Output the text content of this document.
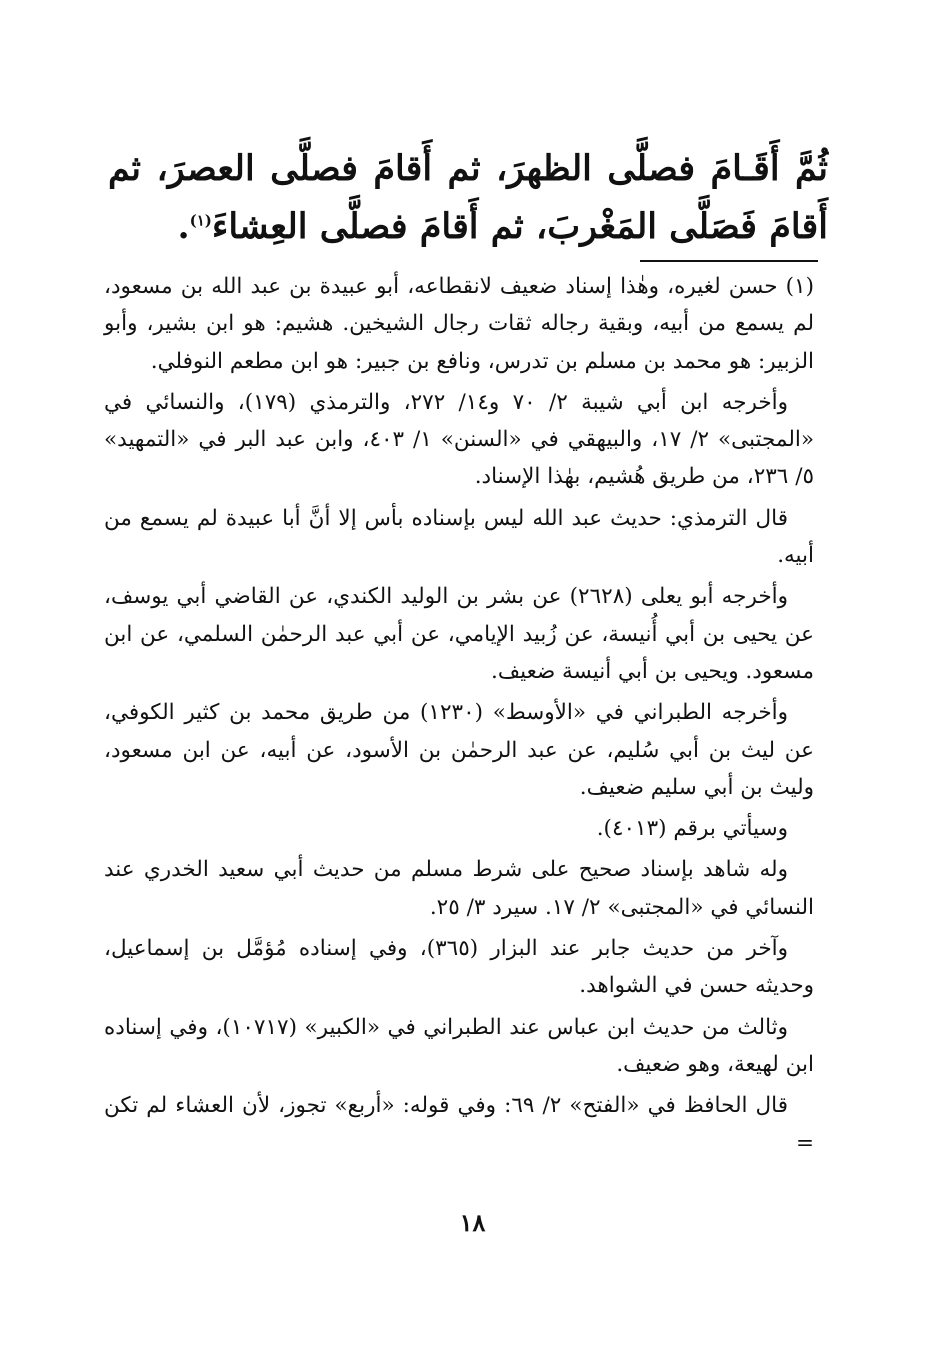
ثُمَّ أَقَـامَ فصلَّى الظهرَ، ثم أَقامَ فصلَّى العصرَ، ثم أَقامَ فَصَلَّى المَغْربَ، ثم أَقامَ فصلَّى العِشاءَ$^{(١)}$.

(١) حسن لغيره، وهٰذا إسناد ضعيف لانقطاعه، أبو عبيدة بن عبد الله بن مسعود، لم يسمع من أبيه، وبقية رجاله ثقات رجال الشيخين. هشيم: هو ابن بشير، وأبو الزبير: هو محمد بن مسلم بن تدرس، ونافع بن جبير: هو ابن مطعم النوفلي.

وأخرجه ابن أبي شيبة ٢/ ٧٠ و١٤/ ٢٧٢، والترمذي (١٧٩)، والنسائي في «المجتبى» ٢/ ١٧، والبيهقي في «السنن» ١/ ٤٠٣، وابن عبد البر في «التمهيد» ٥/ ٢٣٦، من طريق هُشيم، بهٰذا الإسناد.

قال الترمذي: حديث عبد الله ليس بإسناده بأس إلا أنَّ أبا عبيدة لم يسمع من أبيه.

وأخرجه أبو يعلى (٢٦٢٨) عن بشر بن الوليد الكندي، عن القاضي أبي يوسف، عن يحيى بن أبي أُنيسة، عن زُبيد الإيامي، عن أبي عبد الرحمٰن السلمي، عن ابن مسعود. ويحيى بن أبي أنيسة ضعيف.

وأخرجه الطبراني في «الأوسط» (١٢٣٠) من طريق محمد بن كثير الكوفي، عن ليث بن أبي سُليم، عن عبد الرحمٰن بن الأسود، عن أبيه، عن ابن مسعود، وليث بن أبي سليم ضعيف.

وسيأتي برقم (٤٠١٣).

وله شاهد بإسناد صحيح على شرط مسلم من حديث أبي سعيد الخدري عند النسائي في «المجتبى» ٢/ ١٧. سيرد ٣/ ٢٥.

وآخر من حديث جابر عند البزار (٣٦٥)، وفي إسناده مُؤمَّل بن إسماعيل، وحديثه حسن في الشواهد.

وثالث من حديث ابن عباس عند الطبراني في «الكبير» (١٠٧١٧)، وفي إسناده ابن لهيعة، وهو ضعيف.

قال الحافظ في «الفتح» ٢/ ٦٩: وفي قوله: «أربع» تجوز، لأن العشاء لم تكن =

١٨
